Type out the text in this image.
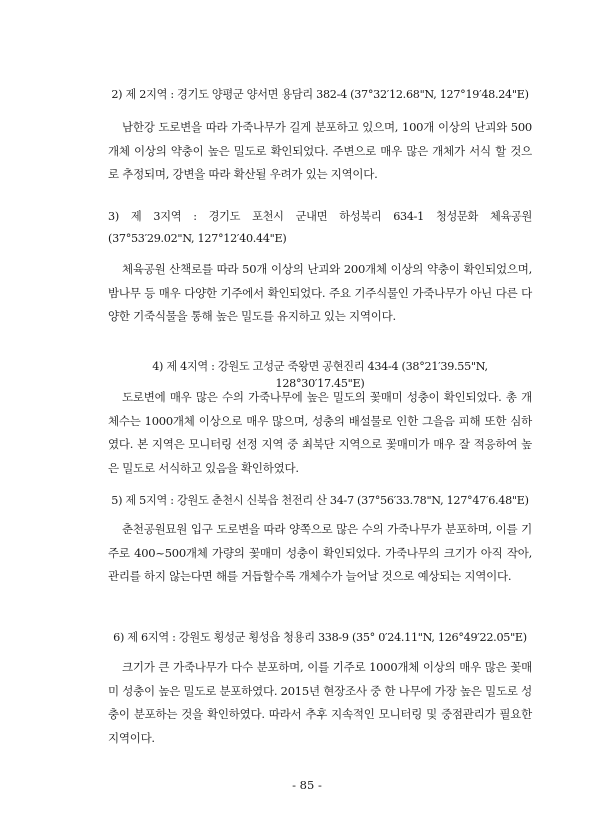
2) 제 2지역 : 경기도 양평군 양서면 용담리 382-4 (37°32′12.68"N, 127°19′48.24"E)
남한강 도로변을 따라 가죽나무가 길게 분포하고 있으며, 100개 이상의 난괴와 500개체 이상의 약충이 높은 밀도로 확인되었다. 주변으로 매우 많은 개체가 서식 할 것으로 추정되며, 강변을 따라 확산될 우려가 있는 지역이다.
3) 제 3지역 : 경기도 포천시 군내면 하성북리 634-1 청성문화 체육공원 (37°53′29.02"N, 127°12′40.44"E)
체육공원 산책로를 따라 50개 이상의 난괴와 200개체 이상의 약충이 확인되었으며, 밤나무 등 매우 다양한 기주에서 확인되었다. 주요 기주식물인 가죽나무가 아닌 다른 다양한 기죽식물을 통해 높은 밀도를 유지하고 있는 지역이다.
4) 제 4지역 : 강원도 고성군 죽왕면 공현진리 434-4 (38°21′39.55"N, 128°30′17.45"E)
도로변에 매우 많은 수의 가죽나무에 높은 밀도의 꽃매미 성충이 확인되었다. 총 개체수는 1000개체 이상으로 매우 많으며, 성충의 배설물로 인한 그을음 피해 또한 심하였다. 본 지역은 모니터링 선정 지역 중 최북단 지역으로 꽃매미가 매우 잘 적응하여 높은 밀도로 서식하고 있음을 확인하였다.
5) 제 5지역 : 강원도 춘천시 신북읍 천전리 산 34-7 (37°56′33.78"N, 127°47′6.48"E)
춘천공원묘원 입구 도로변을 따라 양쪽으로 많은 수의 가죽나무가 분포하며, 이를 기주로 400~500개체 가량의 꽃매미 성충이 확인되었다. 가죽나무의 크기가 아직 작아, 관리를 하지 않는다면 해를 거듭할수록 개체수가 늘어날 것으로 예상되는 지역이다.
6) 제 6지역 : 강원도 횡성군 횡성읍 청용리 338-9 (35° 0′24.11"N, 126°49′22.05"E)
크기가 큰 가죽나무가 다수 분포하며, 이를 기주로 1000개체 이상의 매우 많은 꽃매미 성충이 높은 밀도로 분포하였다. 2015년 현장조사 중 한 나무에 가장 높은 밀도로 성충이 분포하는 것을 확인하였다. 따라서 추후 지속적인 모니터링 및 중점관리가 필요한 지역이다.
- 85 -
